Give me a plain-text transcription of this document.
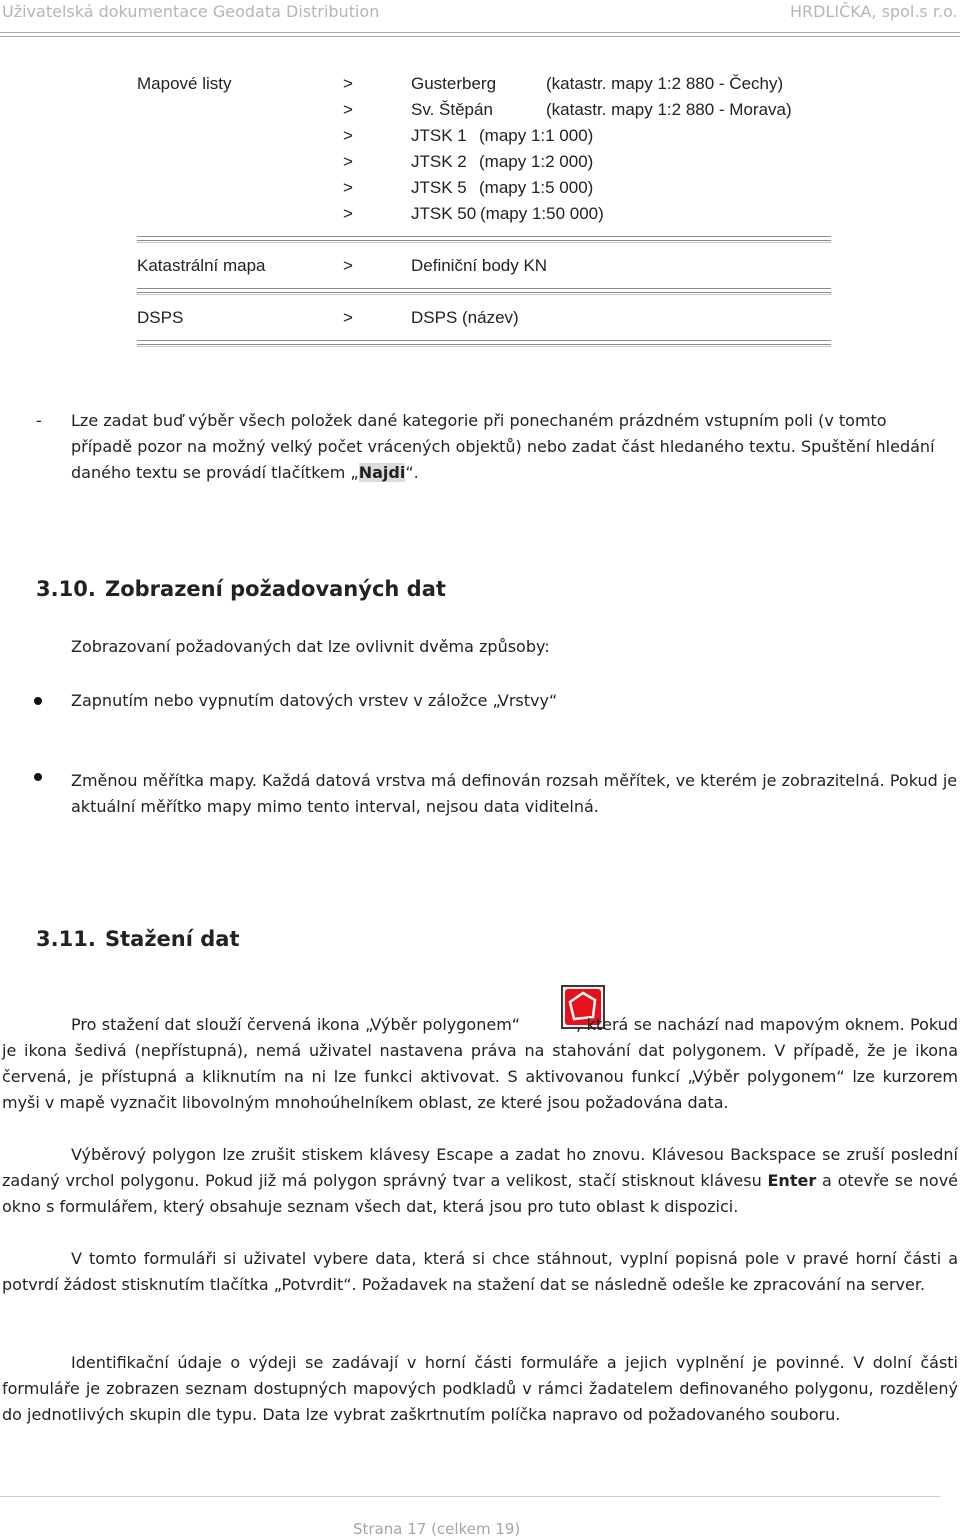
Uživatelská dokumentace Geodata Distribution	HRDLIČKA, spol.s r.o.
Mapové listy	>	Gusterberg	(katastr. mapy 1:2 880 - Čechy)
>	Sv. Štěpán	(katastr. mapy 1:2 880 - Morava)
>	JTSK 1 (mapy 1:1 000)
>	JTSK 2 (mapy 1:2 000)
>	JTSK 5 (mapy 1:5 000)
>	JTSK 50 (mapy 1:50 000)
Katastrální mapa	>	Definiční body KN
DSPS	>	DSPS (název)
- Lze zadat buď výběr všech položek dané kategorie při ponechaném prázdném vstupním poli (v tomto případě pozor na možný velký počet vrácených objektů) nebo zadat část hledaného textu. Spuštění hledání daného textu se provádí tlačítkem „Najdi“.
3.10. Zobrazení požadovaných dat
Zobrazovaní požadovaných dat lze ovlivnit dvěma způsoby:
Zapnutím nebo vypnutím datových vrstev v záložce „Vrstvy“
Změnou měřítka mapy. Každá datová vrstva má definován rozsah měřítek, ve kterém je zobrazitelná. Pokud je aktuální měřítko mapy mimo tento interval, nejsou data viditelná.
3.11. Stažení dat
Pro stažení dat slouží červená ikona „Výběr polygonem“	, která se nachází nad mapovým oknem. Pokud je ikona šedivá (nepřístupná), nemá uživatel nastavena práva na stahování dat polygonem. V případě, že je ikona červená, je přístupná a kliknutím na ni lze funkci aktivovat. S aktivovanou funkcí „Výběr polygonem“ lze kurzorem myši v mapě vyznačit libovolným mnohoúhelníkem oblast, ze které jsou požadována data.
Výběrový polygon lze zrušit stiskem klávesy Escape a zadat ho znovu. Klávesou Backspace se zruší poslední zadaný vrchol polygonu. Pokud již má polygon správný tvar a velikost, stačí stisknout klávesu Enter a otevře se nové okno s formulářem, který obsahuje seznam všech dat, která jsou pro tuto oblast k dispozici.
V tomto formuláři si uživatel vybere data, která si chce stáhnout, vyplní popisná pole v pravé horní části a potvrdí žádost stisknutím tlačítka „Potvrdit“. Požadavek na stažení dat se následně odešle ke zpracování na server.
Identifikační údaje o výdeji se zadávají v horní části formuláře a jejich vyplnění je povinné. V dolní části formuláře je zobrazen seznam dostupných mapových podkladů v rámci žadatelem definovaného polygonu, rozdělený do jednotlivých skupin dle typu. Data lze vybrat zaškrtnutím políčka napravo od požadovaného souboru.
Strana 17 (celkem 19)
